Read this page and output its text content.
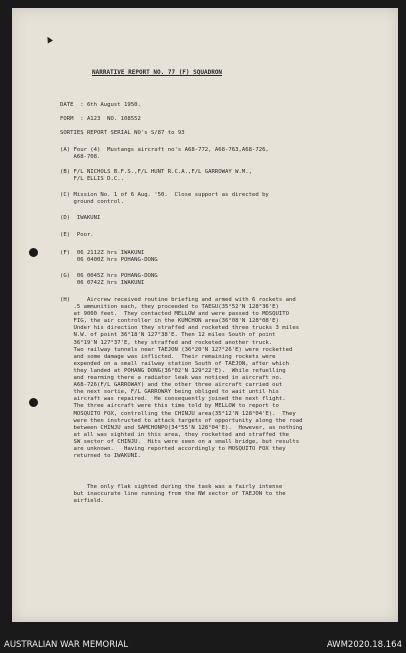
▲

NARRATIVE REPORT NO. 77 (F) SQUADRON

DATE  : 6th August 1950.

FORM  : A123  NO. 108552

SORTIES REPORT SERIAL NO's S/87 to 93

(A) Four (4)  Mustangs aircraft no's A68-772, A68-763,A68-726,
A68-708.

(B) F/L NICHOLS B.F.S.,F/L HUNT R.C.A.,F/L GARROWAY W.M.,
F/L ELLIS D.C..

(C) Mission No. 1 of 6 Aug. '50.  Close support as directed by
ground control.

(D)  IWAKUNI

(E)  Poor.

(F)  06 2112Z hrs IWAKUNI
06 0400Z hrs POHANG-DONG

(G)  06 0045Z hrs POHANG-DONG
06 0742Z hrs IWAKUNI

(H)     Aircrew received routine briefing and armed with 6 rockets and
.5 ammunition each, they proceeded to TAEGU(35°52'N 128°36'E)
at 9000 feet.  They contacted MELLOW and were passed to MOSQUITO
FIG, the air controller in the KUMCHON area(36°08'N 128°08'E)
Under his direction they straffed and rocketed three trucks 3 miles
N.W. of point 36°18'N 127°38'E. Then 12 miles South of point
36°19'N 127°37'E, they straffed and rocketed another truck.
Two railway tunnels near TAEJON (36°20'N 127°26'E) were rocketted
and some damage was inflicted.  Their remaining rockets were
expended on a small railway station South of TAEJON, after which
they landed at POHANG DONG(36°02'N 129°22'E).  While refuelling
and rearming there a radiator leak was noticed in aircraft no.
A68-726(F/L GARROWAY) and the other three aircraft carried out
the next sortie, F/L GARROWAY being obliged to wait until his
aircraft was repaired.  He consequently joined the next flight.
The three aircraft were this time told by MELLOW to report to
MOSQUITO FOX, controlling the CHINJU area(35°12'N 128°04'E).  They
were then instructed to attack targets of opportunity along the road
between CHINJU and SAMCHONPO(34°55'N 128°04'E).  However, as nothing
at all was sighted in this area, they rocketted and straffed the
SW sector of CHINJU.  Hits were seen on a small bridge, but results
are unknown.   Having reported accordingly to MOSQUITO FOX they
returned to IWAKUNI.

The only flak sighted during the task was a fairly intense
but inaccurate line running from the NW sector of TAEJON to the
airfield.

AUSTRALIAN WAR MEMORIAL	AWM2020.18.164
